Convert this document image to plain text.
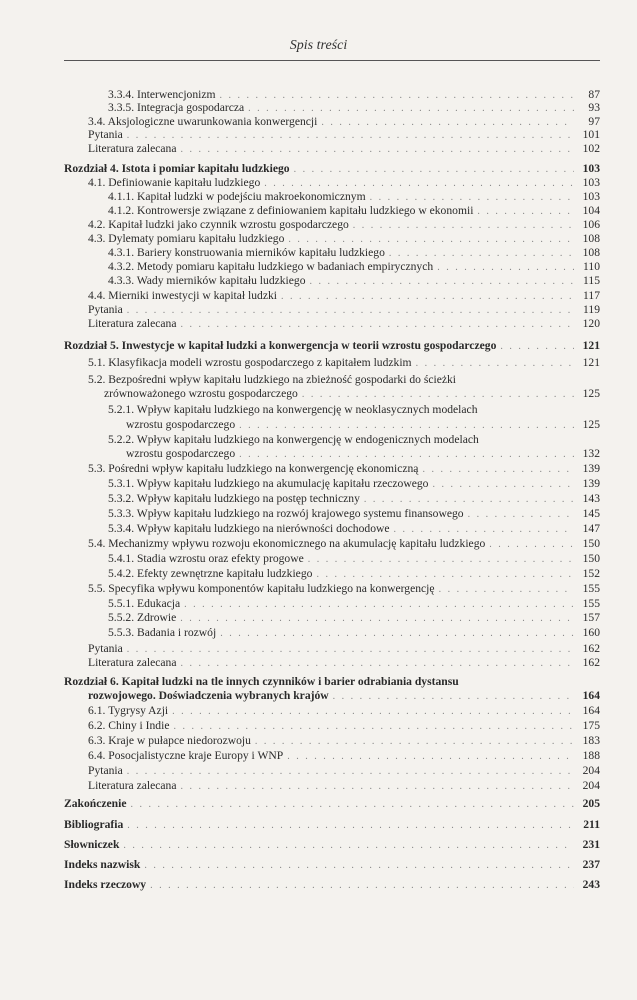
Spis treści
3.3.4. Interwencjonizm . . .	87
3.3.5. Integracja gospodarcza . . .	93
3.4. Aksjologiczne uwarunkowania konwergencji . . .	97
Pytania . . .	101
Literatura zalecana . . .	102
Rozdział 4. Istota i pomiar kapitału ludzkiego . . .	103
4.1. Definiowanie kapitału ludzkiego . . .	103
4.1.1. Kapitał ludzki w podejściu makroekonomicznym . . .	103
4.1.2. Kontrowersje związane z definiowaniem kapitału ludzkiego w ekonomii . . .	104
4.2. Kapitał ludzki jako czynnik wzrostu gospodarczego . . .	106
4.3. Dylematy pomiaru kapitału ludzkiego . . .	108
4.3.1. Bariery konstruowania mierników kapitału ludzkiego . . .	108
4.3.2. Metody pomiaru kapitału ludzkiego w badaniach empirycznych . . .	110
4.3.3. Wady mierników kapitału ludzkiego . . .	115
4.4. Mierniki inwestycji w kapitał ludzki . . .	117
Pytania . . .	119
Literatura zalecana . . .	120
Rozdział 5. Inwestycje w kapitał ludzki a konwergencja w teorii wzrostu gospodarczego . . .	121
5.1. Klasyfikacja modeli wzrostu gospodarczego z kapitałem ludzkim . . .	121
5.2. Bezpośredni wpływ kapitału ludzkiego na zbieżność gospodarki do ścieżki
zrównoważonego wzrostu gospodarczego . . .	125
5.2.1. Wpływ kapitału ludzkiego na konwergencję w neoklasycznych modelach
wzrostu gospodarczego . . .	125
5.2.2. Wpływ kapitału ludzkiego na konwergencję w endogenicznych modelach
wzrostu gospodarczego . . .	132
5.3. Pośredni wpływ kapitału ludzkiego na konwergencję ekonomiczną . . .	139
5.3.1. Wpływ kapitału ludzkiego na akumulację kapitału rzeczowego . . .	139
5.3.2. Wpływ kapitału ludzkiego na postęp techniczny . . .	143
5.3.3. Wpływ kapitału ludzkiego na rozwój krajowego systemu finansowego . . .	145
5.3.4. Wpływ kapitału ludzkiego na nierówności dochodowe . . .	147
5.4. Mechanizmy wpływu rozwoju ekonomicznego na akumulację kapitału ludzkiego . . .	150
5.4.1. Stadia wzrostu oraz efekty progowe . . .	150
5.4.2. Efekty zewnętrzne kapitału ludzkiego . . .	152
5.5. Specyfika wpływu komponentów kapitału ludzkiego na konwergencję . . .	155
5.5.1. Edukacja . . .	155
5.5.2. Zdrowie . . .	157
5.5.3. Badania i rozwój . . .	160
Pytania . . .	162
Literatura zalecana . . .	162
Rozdział 6. Kapitał ludzki na tle innych czynników i barier odrabiania dystansu
rozwojowego. Doświadczenia wybranych krajów . . .	164
6.1. Tygrysy Azji . . .	164
6.2. Chiny i Indie . . .	175
6.3. Kraje w pułapce niedorozwoju . . .	183
6.4. Posocjalistyczne kraje Europy i WNP . . .	188
Pytania . . .	204
Literatura zalecana . . .	204
Zakończenie . . .	205
Bibliografia . . .	211
Słowniczek . . .	231
Indeks nazwisk . . .	237
Indeks rzeczowy . . .	243
